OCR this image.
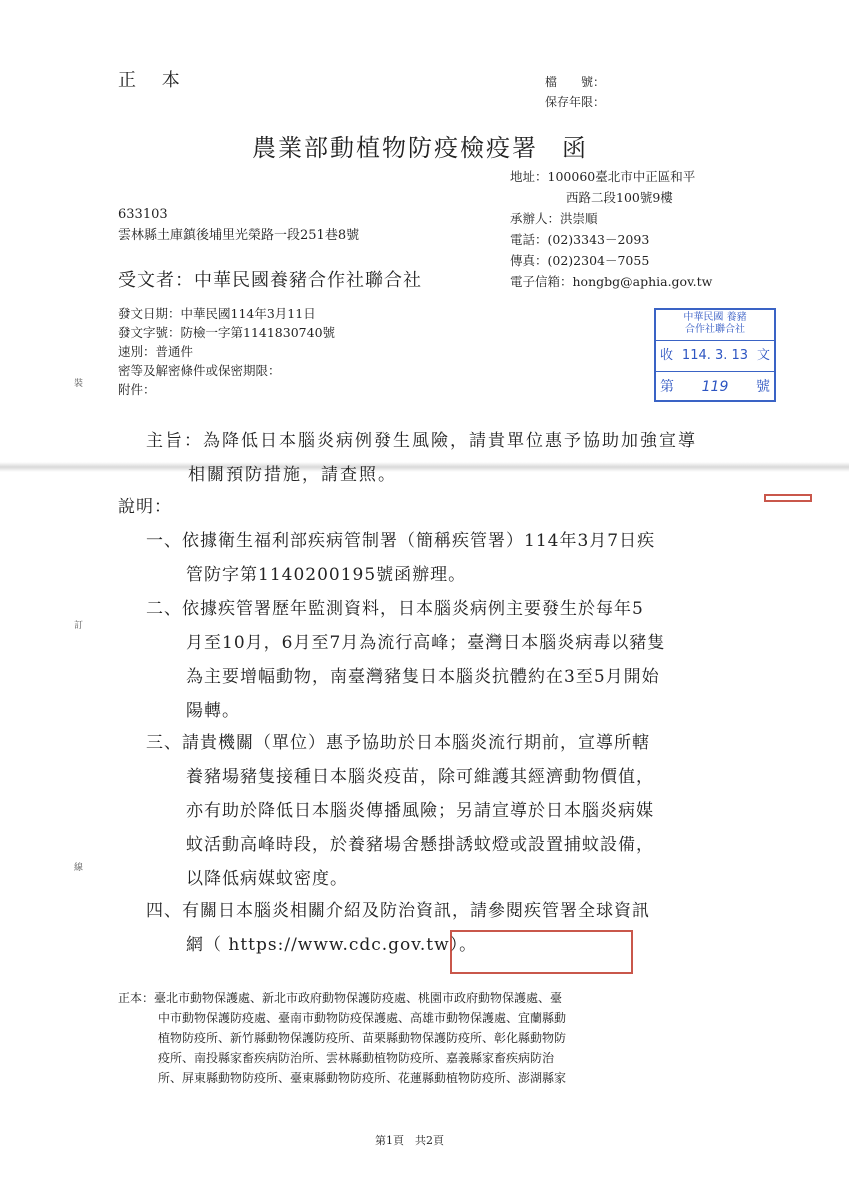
裝
訂
線
正 本	檔　　號：
保存年限：
農業部動植物防疫檢疫署 函
地址：100060臺北市中正區和平
西路二段100號9樓
承辦人：洪崇順
電話：(02)3343－2093
傳真：(02)2304－7055
電子信箱：hongbg@aphia.gov.tw
633103
雲林縣土庫鎮後埔里光榮路一段251巷8號
受文者：中華民國養豬合作社聯合社
發文日期：中華民國114年3月11日
發文字號：防檢一字第1141830740號
速別：普通件
密等及解密條件或保密期限：
附件：
中華民國 養豬
合作社聯合社
收 114. 3. 13 文
第 119 號
主旨：為降低日本腦炎病例發生風險，請貴單位惠予協助加強宣導
相關預防措施，請查照。
說明：
一、依據衛生福利部疾病管制署（簡稱疾管署）114年3月7日疾
管防字第1140200195號函辦理。
二、依據疾管署歷年監測資料，日本腦炎病例主要發生於每年5
月至10月，6月至7月為流行高峰；臺灣日本腦炎病毒以豬隻
為主要增幅動物，南臺灣豬隻日本腦炎抗體約在3至5月開始
陽轉。
三、請貴機關（單位）惠予協助於日本腦炎流行期前，宣導所轄
養豬場豬隻接種日本腦炎疫苗，除可維護其經濟動物價值，
亦有助於降低日本腦炎傳播風險；另請宣導於日本腦炎病媒
蚊活動高峰時段，於養豬場舍懸掛誘蚊燈或設置捕蚊設備，
以降低病媒蚊密度。
四、有關日本腦炎相關介紹及防治資訊，請參閱疾管署全球資訊
網（ https://www.cdc.gov.tw）。
正本：臺北市動物保護處、新北市政府動物保護防疫處、桃園市政府動物保護處、臺
中市動物保護防疫處、臺南市動物防疫保護處、高雄市動物保護處、宜蘭縣動
植物防疫所、新竹縣動物保護防疫所、苗栗縣動物保護防疫所、彰化縣動物防
疫所、南投縣家畜疾病防治所、雲林縣動植物防疫所、嘉義縣家畜疾病防治
所、屏東縣動物防疫所、臺東縣動物防疫所、花蓮縣動植物防疫所、澎湖縣家
第1頁　共2頁
